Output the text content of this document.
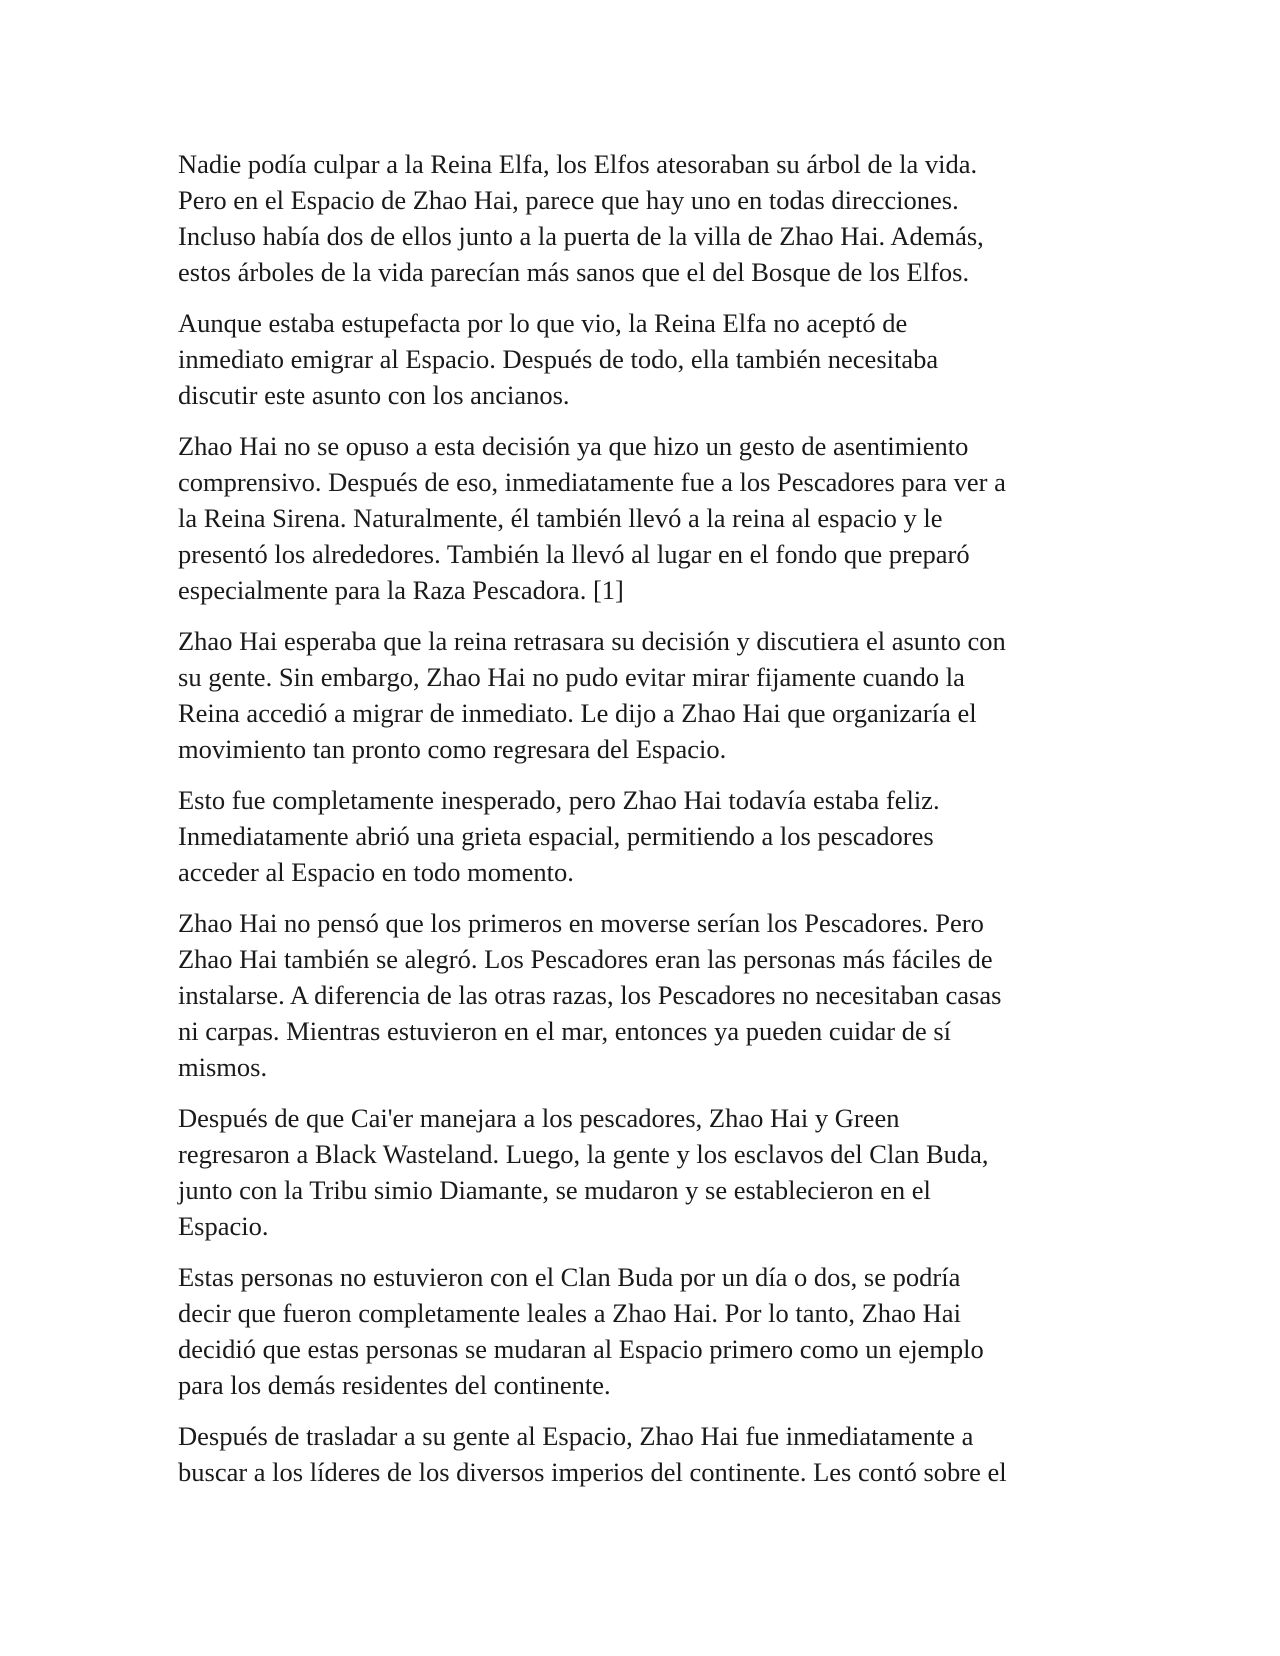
Nadie podía culpar a la Reina Elfa, los Elfos atesoraban su árbol de la vida.
Pero en el Espacio de Zhao Hai, parece que hay uno en todas direcciones.
Incluso había dos de ellos junto a la puerta de la villa de Zhao Hai. Además,
estos árboles de la vida parecían más sanos que el del Bosque de los Elfos.

Aunque estaba estupefacta por lo que vio, la Reina Elfa no aceptó de
inmediato emigrar al Espacio. Después de todo, ella también necesitaba
discutir este asunto con los ancianos.

Zhao Hai no se opuso a esta decisión ya que hizo un gesto de asentimiento
comprensivo. Después de eso, inmediatamente fue a los Pescadores para ver a
la Reina Sirena. Naturalmente, él también llevó a la reina al espacio y le
presentó los alrededores. También la llevó al lugar en el fondo que preparó
especialmente para la Raza Pescadora. [1]

Zhao Hai esperaba que la reina retrasara su decisión y discutiera el asunto con
su gente. Sin embargo, Zhao Hai no pudo evitar mirar fijamente cuando la
Reina accedió a migrar de inmediato. Le dijo a Zhao Hai que organizaría el
movimiento tan pronto como regresara del Espacio.

Esto fue completamente inesperado, pero Zhao Hai todavía estaba feliz.
Inmediatamente abrió una grieta espacial, permitiendo a los pescadores
acceder al Espacio en todo momento.

Zhao Hai no pensó que los primeros en moverse serían los Pescadores. Pero
Zhao Hai también se alegró. Los Pescadores eran las personas más fáciles de
instalarse. A diferencia de las otras razas, los Pescadores no necesitaban casas
ni carpas. Mientras estuvieron en el mar, entonces ya pueden cuidar de sí
mismos.

Después de que Cai'er manejara a los pescadores, Zhao Hai y Green
regresaron a Black Wasteland. Luego, la gente y los esclavos del Clan Buda,
junto con la Tribu simio Diamante, se mudaron y se establecieron en el
Espacio.

Estas personas no estuvieron con el Clan Buda por un día o dos, se podría
decir que fueron completamente leales a Zhao Hai. Por lo tanto, Zhao Hai
decidió que estas personas se mudaran al Espacio primero como un ejemplo
para los demás residentes del continente.

Después de trasladar a su gente al Espacio, Zhao Hai fue inmediatamente a
buscar a los líderes de los diversos imperios del continente. Les contó sobre el
